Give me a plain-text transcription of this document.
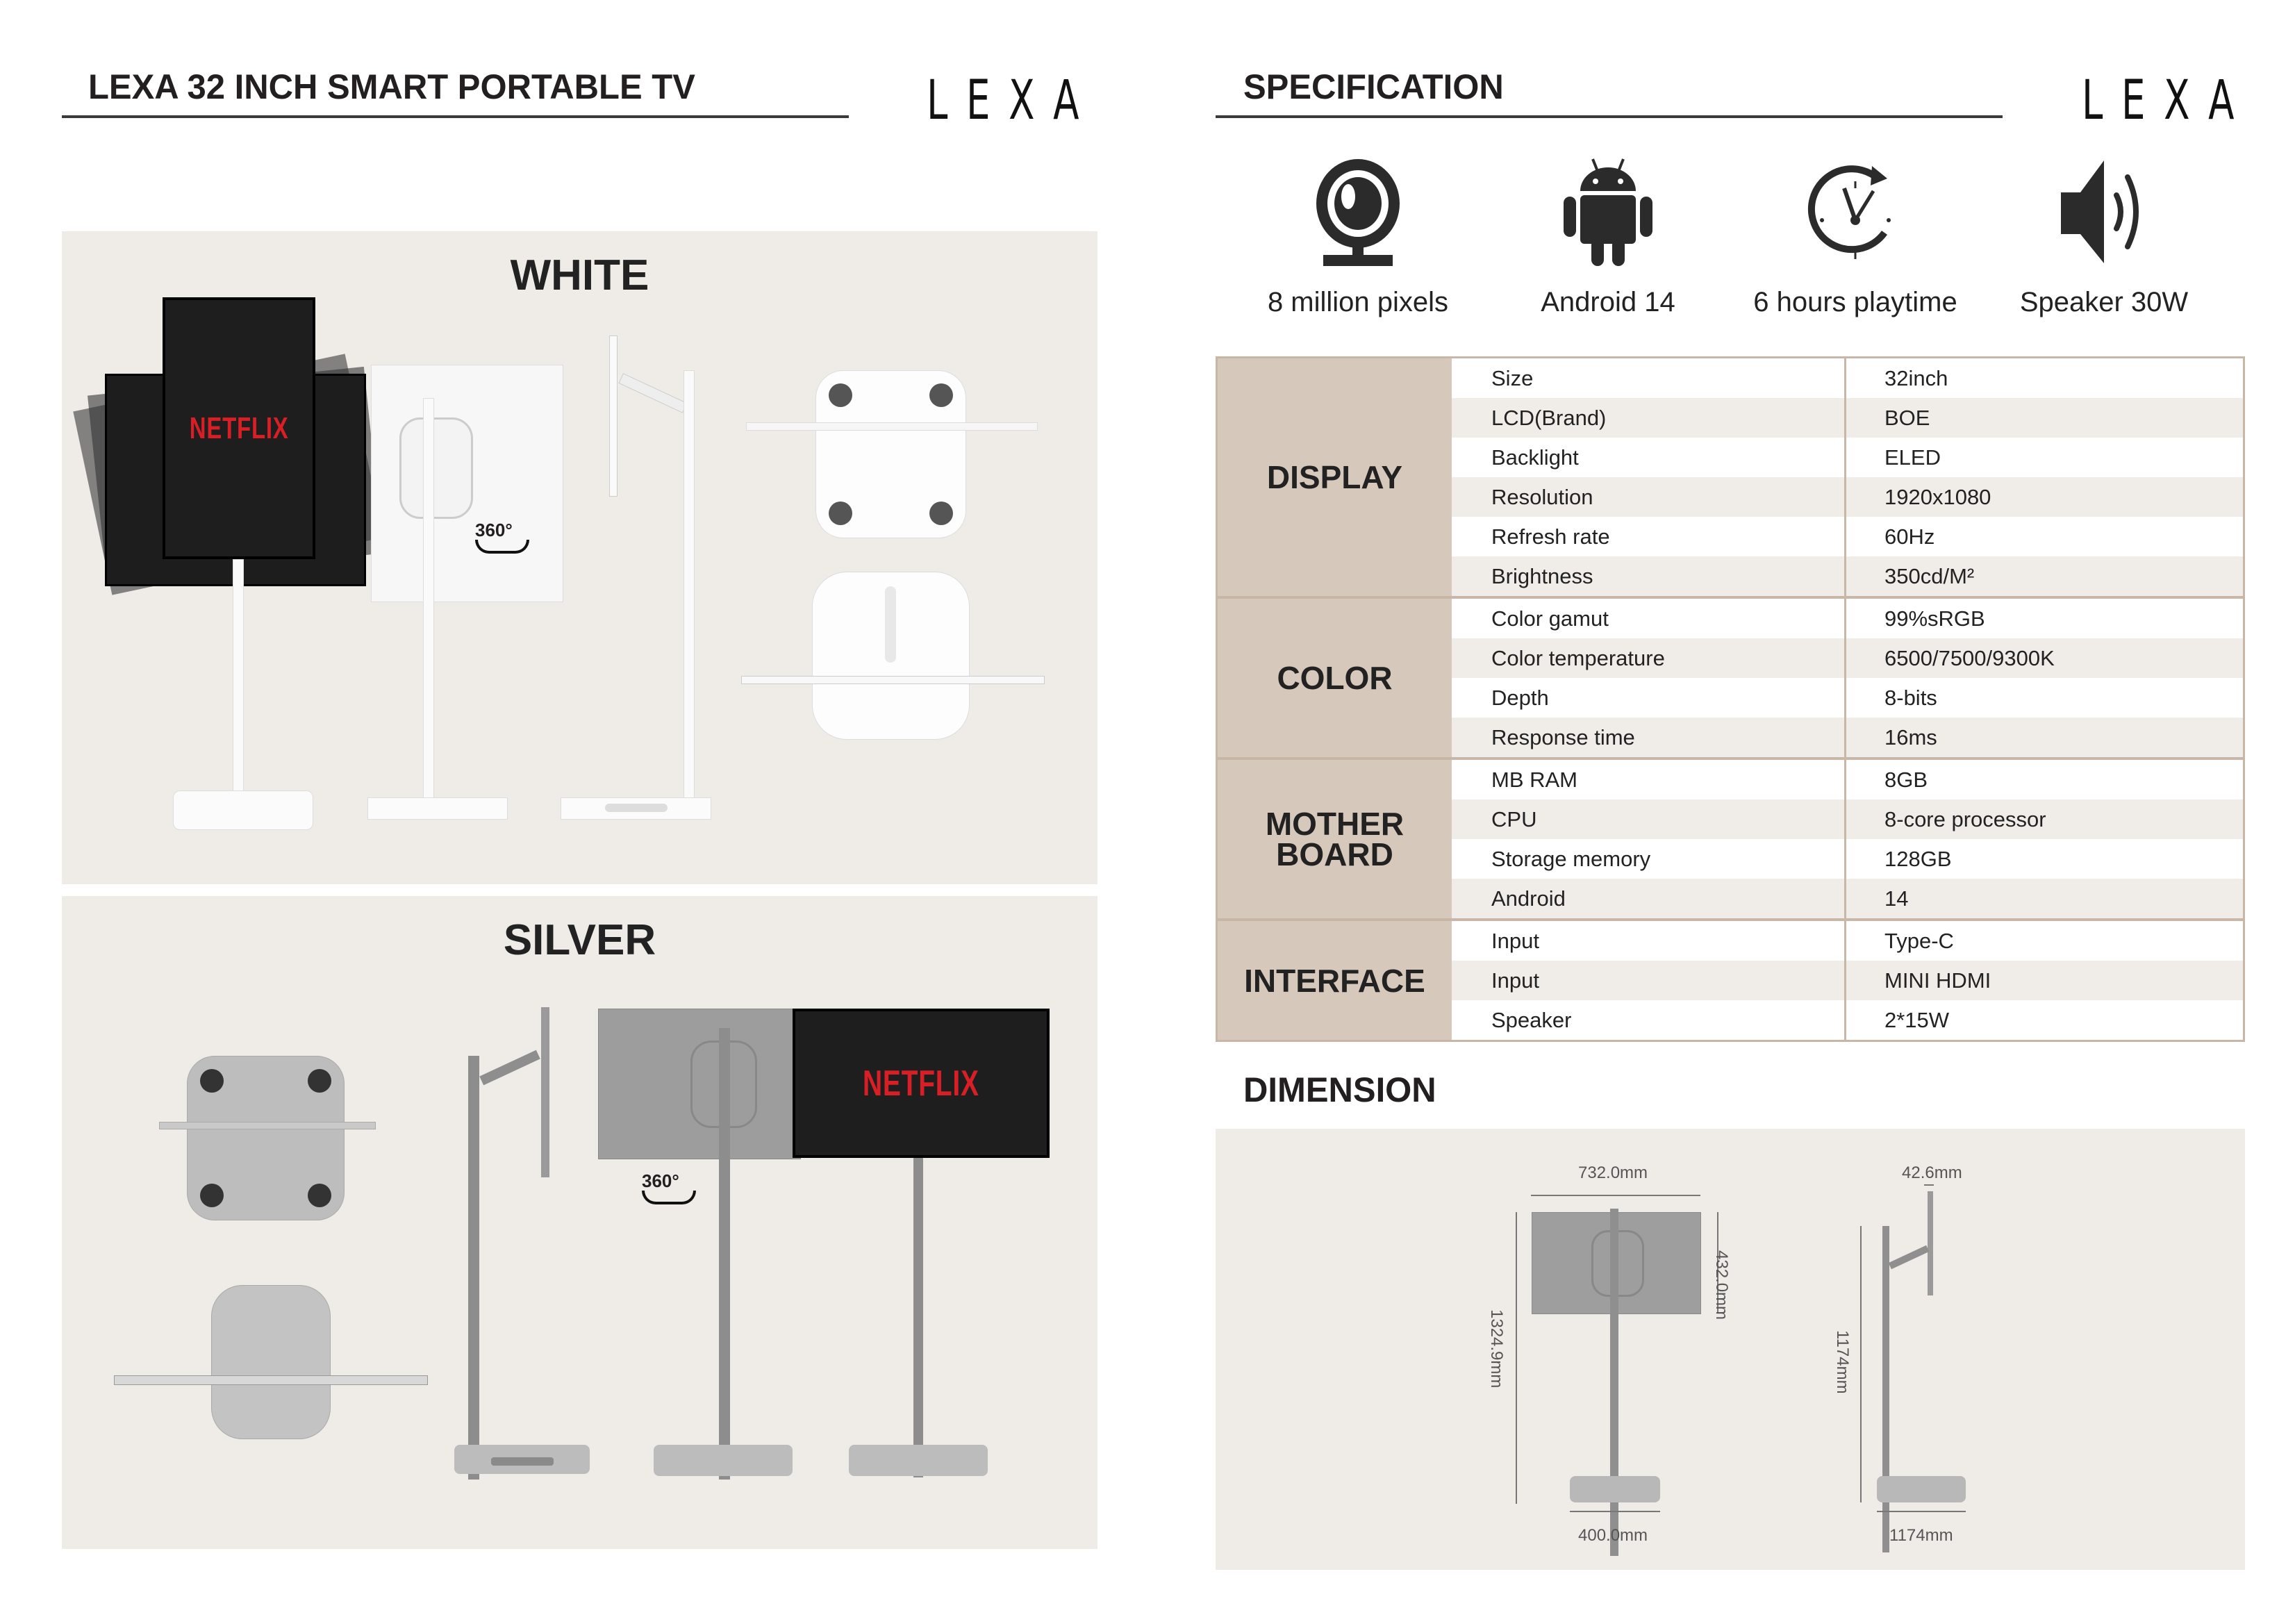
LEXA 32 INCH SMART PORTABLE TV	LEXA
WHITE
NETFLIX
360°
SILVER
NETFLIX
360°
SPECIFICATION	LEXA
8 million pixels	Android 14	6 hours playtime	Speaker 30W
DISPLAY
Size	32inch
LCD(Brand)	BOE
Backlight	ELED
Resolution	1920x1080
Refresh rate	60Hz
Brightness	350cd/M²
COLOR
Color gamut	99%sRGB
Color temperature	6500/7500/9300K
Depth	8-bits
Response time	16ms
MOTHER
BOARD
MB RAM	8GB
CPU	8-core processor
Storage memory	128GB
Android	14
INTERFACE
Input	Type-C
Input	MINI HDMI
Speaker	2*15W
DIMENSION
732.0mm
432.0mm
1324.9mm
400.0mm
42.6mm
1174mm
1174mm
